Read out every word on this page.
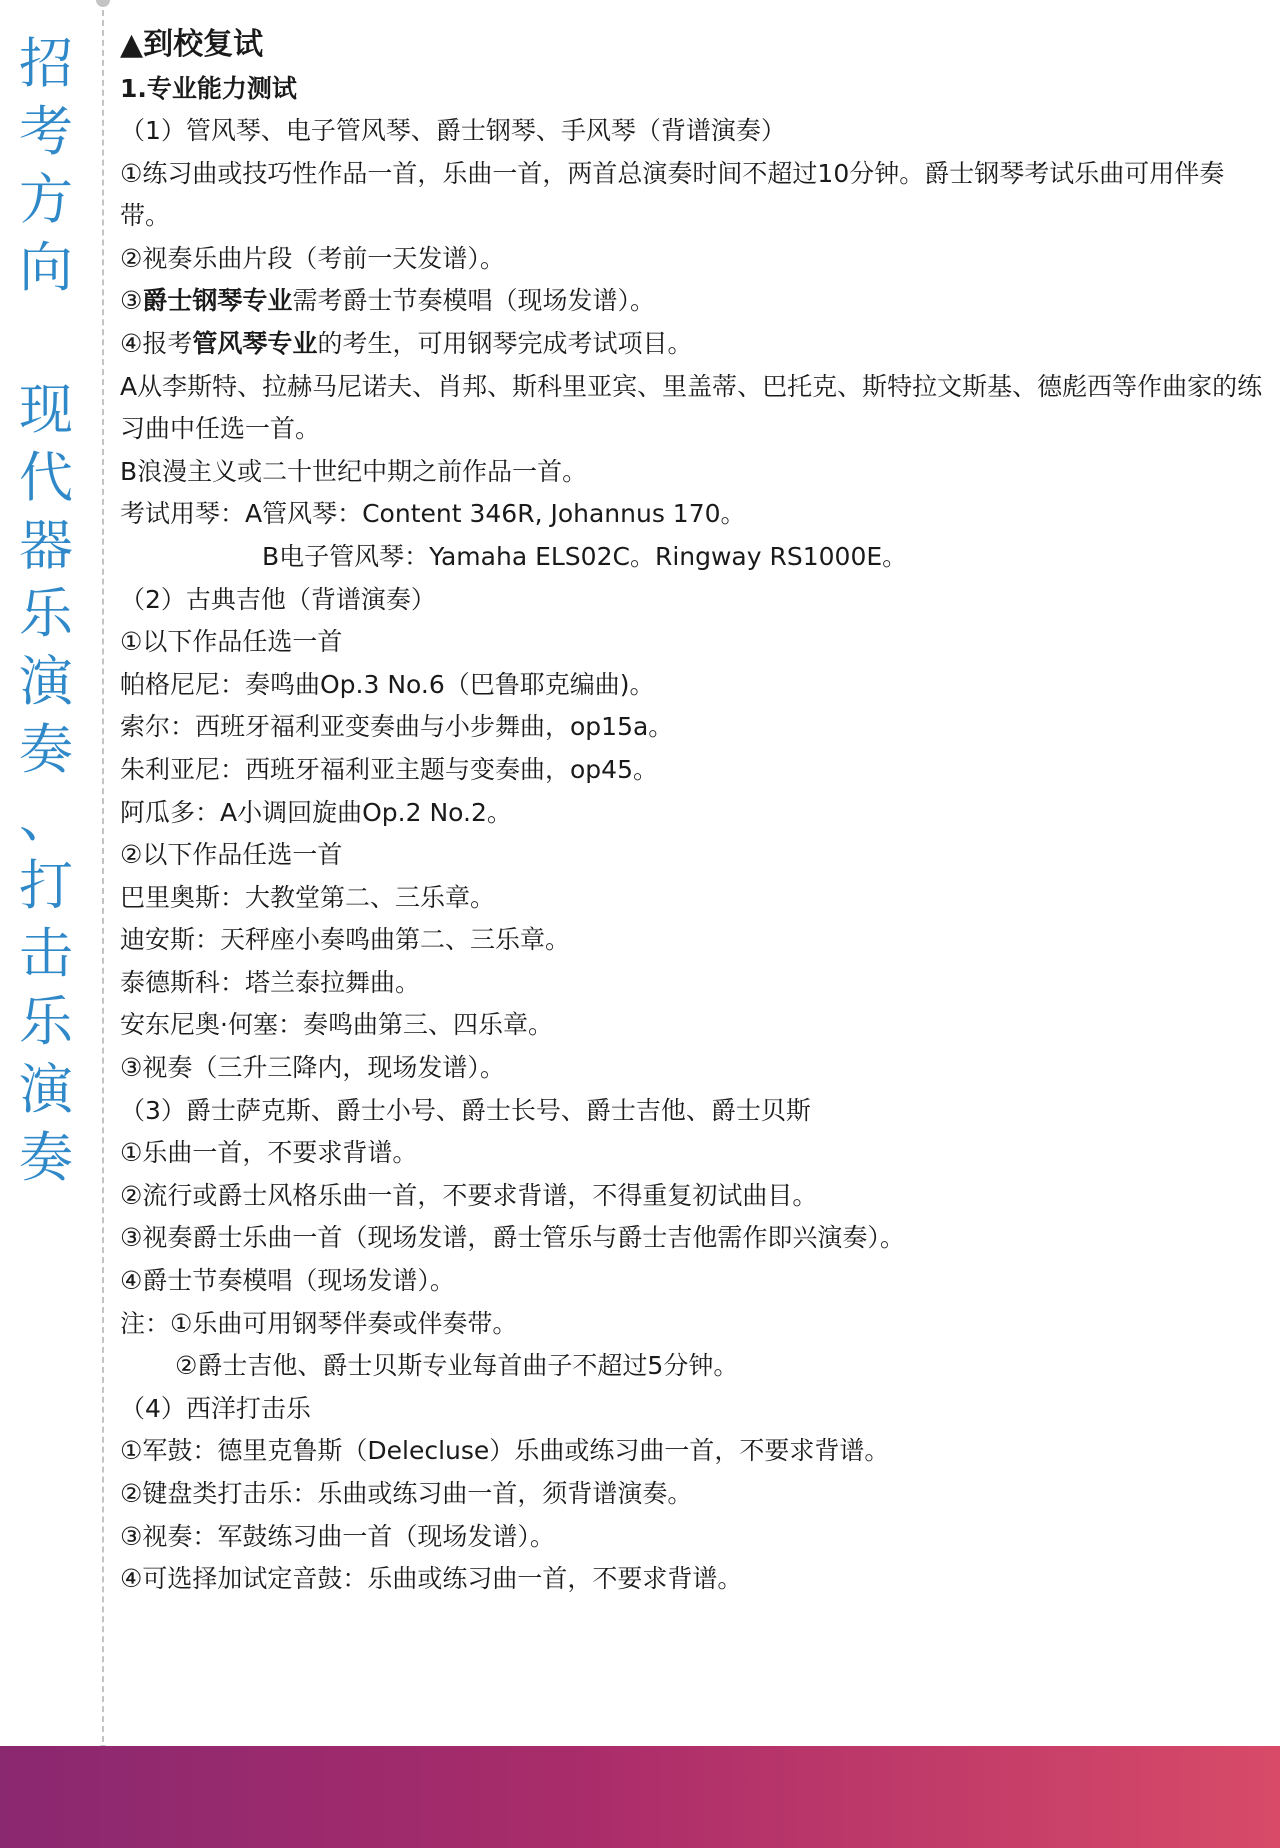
招
考
方
向
现
代
器
乐
演
奏
、
打
击
乐
演
奏
▲到校复试
1.专业能力测试
（1）管风琴、电子管风琴、爵士钢琴、手风琴（背谱演奏）
①练习曲或技巧性作品一首，乐曲一首，两首总演奏时间不超过10分钟。爵士钢琴考试乐曲可用伴奏带。
②视奏乐曲片段（考前一天发谱）。
③爵士钢琴专业需考爵士节奏模唱（现场发谱）。
④报考管风琴专业的考生，可用钢琴完成考试项目。
A从李斯特、拉赫马尼诺夫、肖邦、斯科里亚宾、里盖蒂、巴托克、斯特拉文斯基、德彪西等作曲家的练习曲中任选一首。
B浪漫主义或二十世纪中期之前作品一首。
考试用琴：A管风琴：Content 346R, Johannus 170。
B电子管风琴：Yamaha ELS02C。Ringway RS1000E。
（2）古典吉他（背谱演奏）
①以下作品任选一首
帕格尼尼：奏鸣曲Op.3 No.6（巴鲁耶克编曲)。
索尔：西班牙福利亚变奏曲与小步舞曲，op15a。
朱利亚尼：西班牙福利亚主题与变奏曲，op45。
阿瓜多：A小调回旋曲Op.2 No.2。
②以下作品任选一首
巴里奥斯：大教堂第二、三乐章。
迪安斯：天秤座小奏鸣曲第二、三乐章。
泰德斯科：塔兰泰拉舞曲。
安东尼奥·何塞：奏鸣曲第三、四乐章。
③视奏（三升三降内，现场发谱）。
（3）爵士萨克斯、爵士小号、爵士长号、爵士吉他、爵士贝斯
①乐曲一首，不要求背谱。
②流行或爵士风格乐曲一首，不要求背谱，不得重复初试曲目。
③视奏爵士乐曲一首（现场发谱，爵士管乐与爵士吉他需作即兴演奏）。
④爵士节奏模唱（现场发谱）。
注：①乐曲可用钢琴伴奏或伴奏带。
②爵士吉他、爵士贝斯专业每首曲子不超过5分钟。
（4）西洋打击乐
①军鼓：德里克鲁斯（Delecluse）乐曲或练习曲一首，不要求背谱。
②键盘类打击乐：乐曲或练习曲一首，须背谱演奏。
③视奏：军鼓练习曲一首（现场发谱）。
④可选择加试定音鼓：乐曲或练习曲一首，不要求背谱。
